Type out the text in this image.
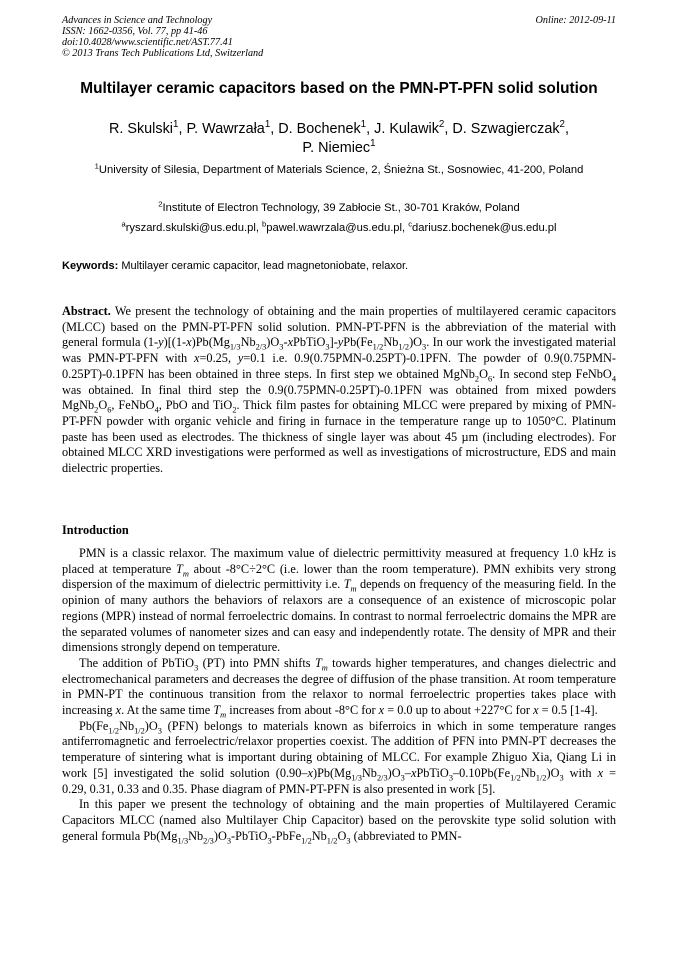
Advances in Science and Technology
ISSN: 1662-0356, Vol. 77, pp 41-46
doi:10.4028/www.scientific.net/AST.77.41
© 2013 Trans Tech Publications Ltd, Switzerland
Online: 2012-09-11
Multilayer ceramic capacitors based on the PMN-PT-PFN solid solution
R. Skulski$^1$, P. Wawrzała$^1$, D. Bochenek$^1$, J. Kulawik$^2$, D. Szwagierczak$^2$,
P. Niemiec$^1$
$^1$University of Silesia, Department of Materials Science, 2, Śnieżna St., Sosnowiec, 41-200, Poland
$^2$Institute of Electron Technology, 39 Zabłocie St., 30-701 Kraków, Poland
$^a$ryszard.skulski@us.edu.pl, $^b$pawel.wawrzala@us.edu.pl, $^c$dariusz.bochenek@us.edu.pl
Keywords: Multilayer ceramic capacitor, lead magnetoniobate, relaxor.

Abstract. We present the technology of obtaining and the main properties of multilayered ceramic capacitors (MLCC) based on the PMN-PT-PFN solid solution. PMN-PT-PFN is the abbreviation of the material with general formula $(1-y)[(1-x)Pb(Mg_{1/3}Nb_{2/3})O_3-xPbTiO_3]-yPb(Fe_{1/2}Nb_{1/2})O_3$. In our work the investigated material was PMN-PT-PFN with x=0.25, y=0.1 i.e. 0.9(0.75PMN-0.25PT)-0.1PFN. The powder of 0.9(0.75PMN-0.25PT)-0.1PFN has been obtained in three steps. In first step we obtained $MgNb_2O_6$. In second step FeNbO$_4$ was obtained. In final third step the 0.9(0.75PMN-0.25PT)-0.1PFN was obtained from mixed powders $MgNb_2O_6$, FeNbO$_4$, PbO and TiO$_2$. Thick film pastes for obtaining MLCC were prepared by mixing of PMN-PT-PFN powder with organic vehicle and firing in furnace in the temperature range up to 1050°C. Platinum paste has been used as electrodes. The thickness of single layer was about 45 µm (including electrodes). For obtained MLCC XRD investigations were performed as well as investigations of microstructure, EDS and main dielectric properties.

Introduction

PMN is a classic relaxor. The maximum value of dielectric permittivity measured at frequency 1.0 kHz is placed at temperature $T_m$ about -8°C÷2°C (i.e. lower than the room temperature). PMN exhibits very strong dispersion of the maximum of dielectric permittivity i.e. $T_m$ depends on frequency of the measuring field. In the opinion of many authors the behaviors of relaxors are a consequence of an existence of microscopic polar regions (MPR) instead of normal ferroelectric domains. In contrast to normal ferroelectric domains the MPR are the separated volumes of nanometer sizes and can easy and independently rotate. The density of MPR and their dimensions strongly depend on temperature.

The addition of PbTiO$_3$ (PT) into PMN shifts $T_m$ towards higher temperatures, and changes dielectric and electromechanical parameters and decreases the degree of diffusion of the phase transition. At room temperature in PMN-PT the continuous transition from the relaxor to normal ferroelectric properties takes place with increasing x. At the same time $T_m$ increases from about -8°C for x = 0.0 up to about +227°C for x = 0.5 [1-4].

$Pb(Fe_{1/2}Nb_{1/2})O_3$ (PFN) belongs to materials known as biferroics in which in some temperature ranges antiferromagnetic and ferroelectric/relaxor properties coexist. The addition of PFN into PMN-PT decreases the temperature of sintering what is important during obtaining of MLCC. For example Zhiguo Xia, Qiang Li in work [5] investigated the solid solution $(0.90-x)Pb(Mg_{1/3}Nb_{2/3})O_3-xPbTiO_3-0.10Pb(Fe_{1/2}Nb_{1/2})O_3$ with x = 0.29, 0.31, 0.33 and 0.35. Phase diagram of PMN-PT-PFN is also presented in work [5].

In this paper we present the technology of obtaining and the main properties of Multilayered Ceramic Capacitors MLCC (named also Multilayer Chip Capacitor) based on the perovskite type solid solution with general formula $Pb(Mg_{1/3}Nb_{2/3})O_3-PbTiO_3-PbFe_{1/2}Nb_{1/2}O_3$ (abbreviated to PMN-
